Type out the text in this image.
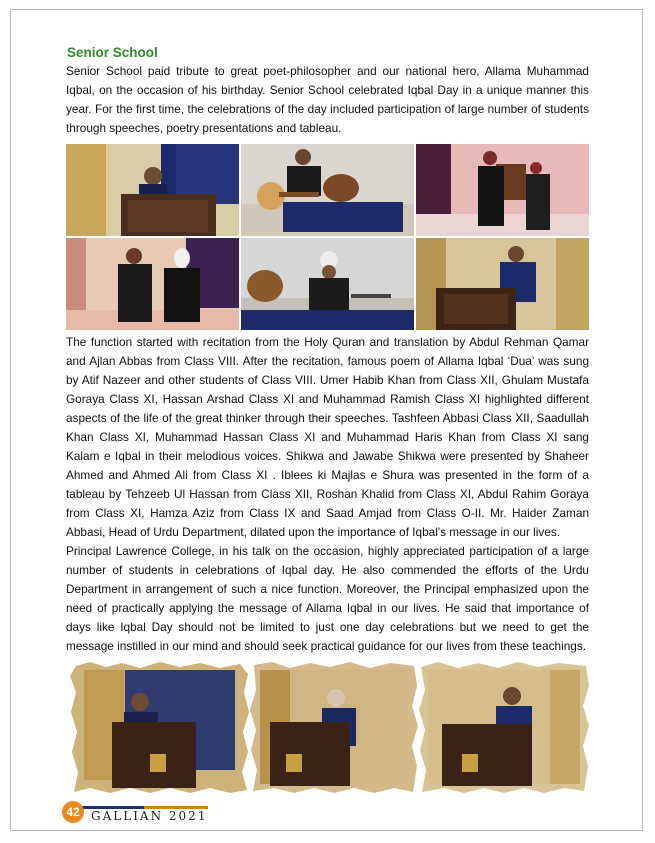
Senior School

Senior School paid tribute to great poet-philosopher and our national hero, Allama Muhammad Iqbal, on the occasion of his birthday. Senior School celebrated Iqbal Day in a unique manner this year. For the first time, the celebrations of the day included participation of large number of students through speeches, poetry presentations and tableau.

The function started with recitation from the Holy Quran and translation by Abdul Rehman Qamar and Ajlan Abbas from Class VIII. After the recitation, famous poem of Allama Iqbal ‘Dua’ was sung by Atif Nazeer and other students of Class VIII. Umer Habib Khan from Class XII, Ghulam Mustafa Goraya Class XI, Hassan Arshad Class XI and Muhammad Ramish Class XI highlighted different aspects of the life of the great thinker through their speeches. Tashfeen Abbasi Class XII, Saadullah Khan Class XI, Muhammad Hassan Class XI and Muhammad Haris Khan from Class XI sang Kalam e Iqbal in their melodious voices. Shikwa and Jawabe Shikwa were presented by Shaheer Ahmed and Ahmed Ali from Class XI . Iblees ki Majlas e Shura was presented in the form of a tableau by Tehzeeb Ul Hassan from Class XII, Roshan Khalid from Class XI, Abdul Rahim Goraya from Class XI, Hamza Aziz from Class IX and Saad Amjad from Class O-II. Mr. Haider Zaman Abbasi, Head of Urdu Department, dilated upon the importance of Iqbal's message in our lives.

Principal Lawrence College, in his talk on the occasion, highly appreciated participation of a large number of students in celebrations of Iqbal day. He also commended the efforts of the Urdu Department in arrangement of such a nice function. Moreover, the Principal emphasized upon the need of practically applying the message of Allama Iqbal in our lives. He said that importance of days like Iqbal Day should not be limited to just one day celebrations but we need to get the message instilled in our mind and should seek practical guidance for our lives from these teachings.

42 GALLIAN 2021
